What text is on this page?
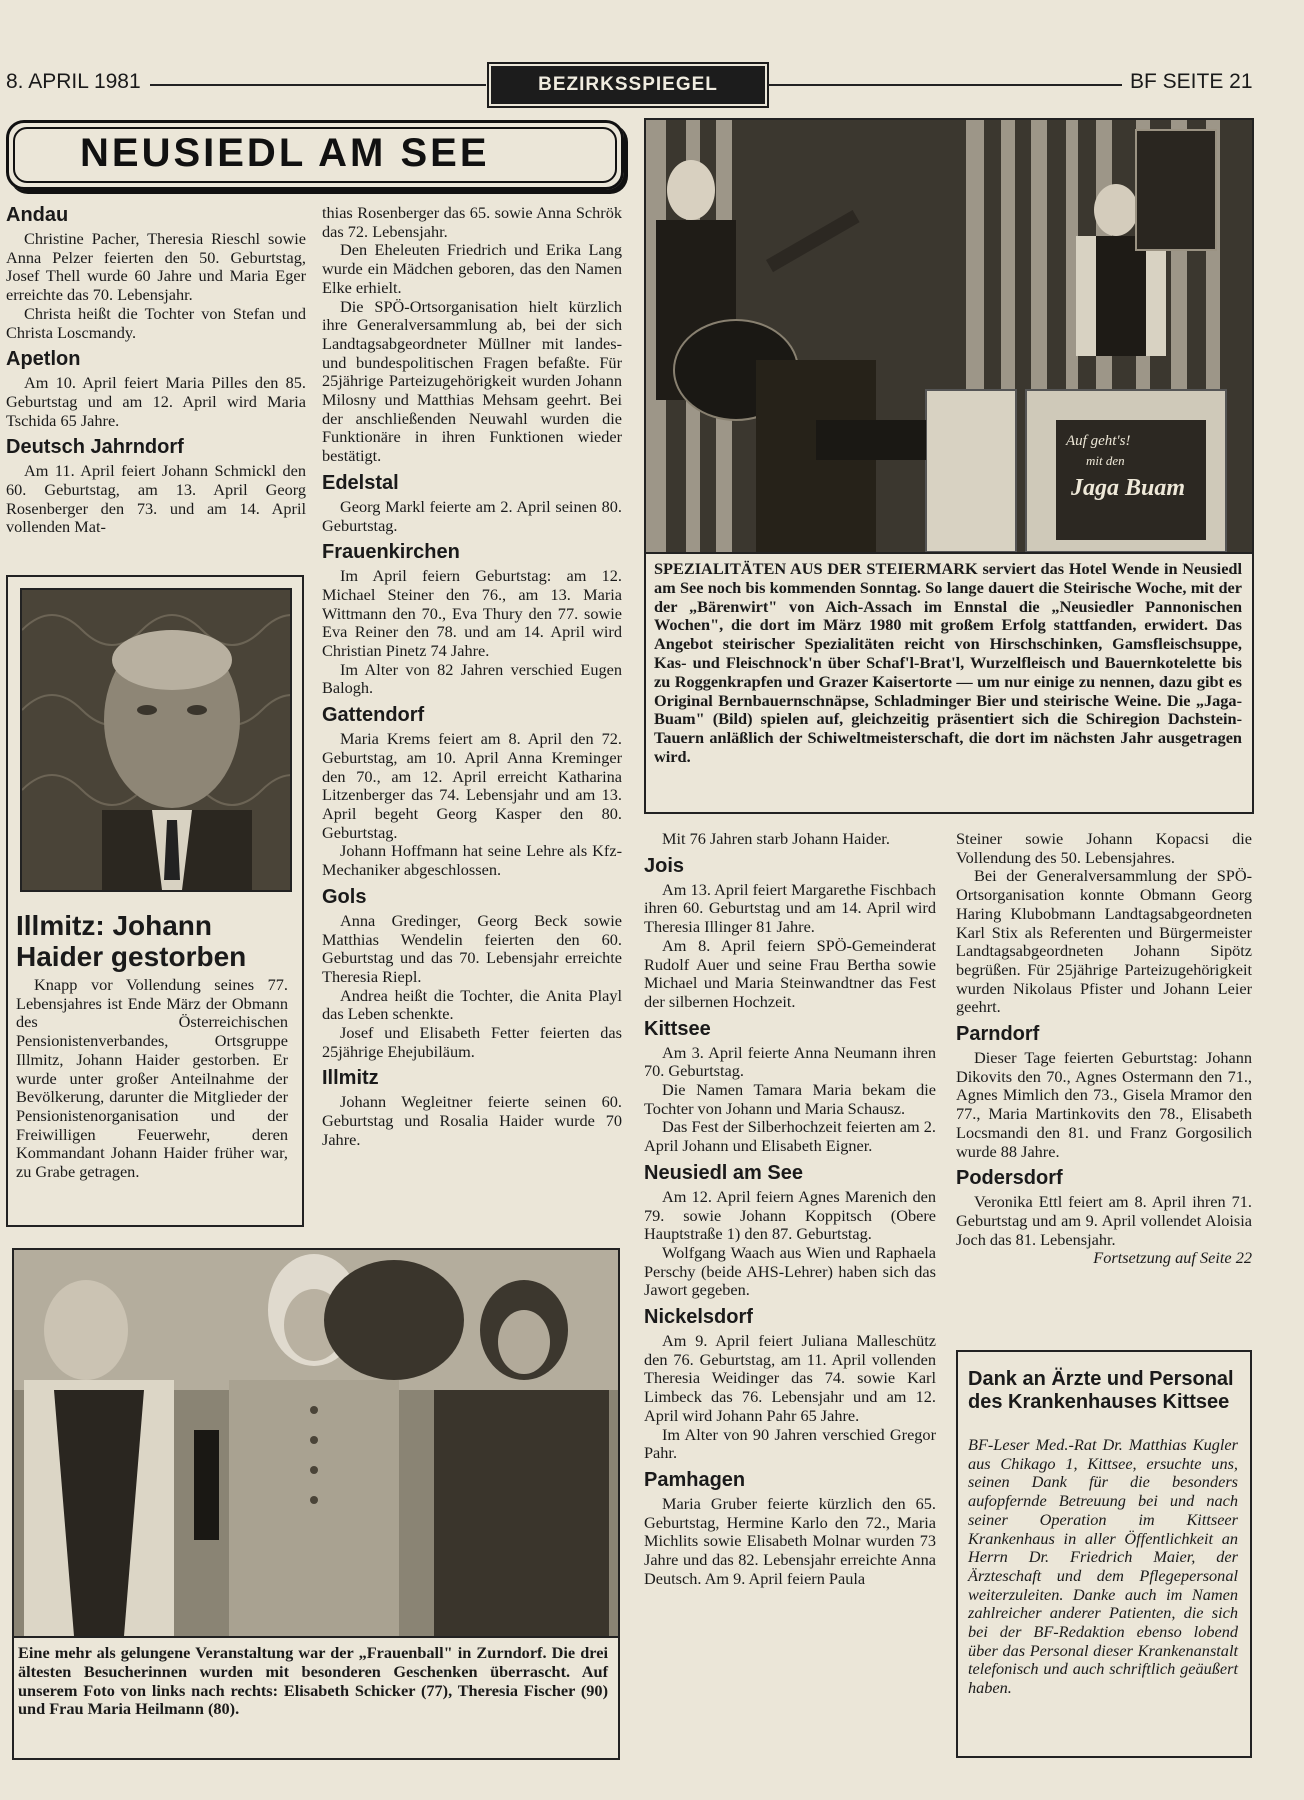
8. APRIL 1981	BEZIRKSSPIEGEL	BF SEITE 21
NEUSIEDL AM SEE
Andau

Christine Pacher, Theresia Rieschl sowie Anna Pelzer feierten den 50. Geburtstag, Josef Thell wurde 60 Jahre und Maria Eger erreichte das 70. Lebensjahr.

Christa heißt die Tochter von Stefan und Christa Loscmandy.

Apetlon

Am 10. April feiert Maria Pilles den 85. Geburtstag und am 12. April wird Maria Tschida 65 Jahre.

Deutsch Jahrndorf

Am 11. April feiert Johann Schmickl den 60. Geburtstag, am 13. April Georg Rosenberger den 73. und am 14. April vollenden Mat-

Illmitz: Johann Haider gestorben

Knapp vor Vollendung seines 77. Lebensjahres ist Ende März der Obmann des Österreichischen Pensionistenverbandes, Ortsgruppe Illmitz, Johann Haider gestorben. Er wurde unter großer Anteilnahme der Bevölkerung, darunter die Mitglieder der Pensionistenorganisation und der Freiwilligen Feuerwehr, deren Kommandant Johann Haider früher war, zu Grabe getragen.

thias Rosenberger das 65. sowie Anna Schrök das 72. Lebensjahr.

Den Eheleuten Friedrich und Erika Lang wurde ein Mädchen geboren, das den Namen Elke erhielt.

Die SPÖ-Ortsorganisation hielt kürzlich ihre Generalversammlung ab, bei der sich Landtagsabgeordneter Müllner mit landes- und bundespolitischen Fragen befaßte. Für 25jährige Parteizugehörigkeit wurden Johann Milosny und Matthias Mehsam geehrt. Bei der anschließenden Neuwahl wurden die Funktionäre in ihren Funktionen wieder bestätigt.

Edelstal

Georg Markl feierte am 2. April seinen 80. Geburtstag.

Frauenkirchen

Im April feiern Geburtstag: am 12. Michael Steiner den 76., am 13. Maria Wittmann den 70., Eva Thury den 77. sowie Eva Reiner den 78. und am 14. April wird Christian Pinetz 74 Jahre.

Im Alter von 82 Jahren verschied Eugen Balogh.

Gattendorf

Maria Krems feiert am 8. April den 72. Geburtstag, am 10. April Anna Kreminger den 70., am 12. April erreicht Katharina Litzenberger das 74. Lebensjahr und am 13. April begeht Georg Kasper den 80. Geburtstag.

Johann Hoffmann hat seine Lehre als Kfz-Mechaniker abgeschlossen.

Gols

Anna Gredinger, Georg Beck sowie Matthias Wendelin feierten den 60. Geburtstag und das 70. Lebensjahr erreichte Theresia Riepl.

Andrea heißt die Tochter, die Anita Playl das Leben schenkte.

Josef und Elisabeth Fetter feierten das 25jährige Ehejubiläum.

Illmitz

Johann Wegleitner feierte seinen 60. Geburtstag und Rosalia Haider wurde 70 Jahre.

Auf geht's!
mit den
Jaga Buam
SPEZIALITÄTEN AUS DER STEIERMARK serviert das Hotel Wende in Neusiedl am See noch bis kommenden Sonntag. So lange dauert die Steirische Woche, mit der der „Bärenwirt" von Aich-Assach im Ennstal die „Neusiedler Pannonischen Wochen", die dort im März 1980 mit großem Erfolg stattfanden, erwidert. Das Angebot steirischer Spezialitäten reicht von Hirschschinken, Gamsfleischsuppe, Kas- und Fleischnock'n über Schaf'l-Brat'l, Wurzelfleisch und Bauernkotelette bis zu Roggenkrapfen und Grazer Kaisertorte — um nur einige zu nennen, dazu gibt es Original Bernbauernschnäpse, Schladminger Bier und steirische Weine. Die „Jaga-Buam" (Bild) spielen auf, gleichzeitig präsentiert sich die Schiregion Dachstein-Tauern anläßlich der Schiweltmeisterschaft, die dort im nächsten Jahr ausgetragen wird.

Mit 76 Jahren starb Johann Haider.

Jois

Am 13. April feiert Margarethe Fischbach ihren 60. Geburtstag und am 14. April wird Theresia Illinger 81 Jahre.

Am 8. April feiern SPÖ-Gemeinderat Rudolf Auer und seine Frau Bertha sowie Michael und Maria Steinwandtner das Fest der silbernen Hochzeit.

Kittsee

Am 3. April feierte Anna Neumann ihren 70. Geburtstag.

Die Namen Tamara Maria bekam die Tochter von Johann und Maria Schausz.

Das Fest der Silberhochzeit feierten am 2. April Johann und Elisabeth Eigner.

Neusiedl am See

Am 12. April feiern Agnes Marenich den 79. sowie Johann Koppitsch (Obere Hauptstraße 1) den 87. Geburtstag.

Wolfgang Waach aus Wien und Raphaela Perschy (beide AHS-Lehrer) haben sich das Jawort gegeben.

Nickelsdorf

Am 9. April feiert Juliana Malleschütz den 76. Geburtstag, am 11. April vollenden Theresia Weidinger das 74. sowie Karl Limbeck das 76. Lebensjahr und am 12. April wird Johann Pahr 65 Jahre.

Im Alter von 90 Jahren verschied Gregor Pahr.

Pamhagen

Maria Gruber feierte kürzlich den 65. Geburtstag, Hermine Karlo den 72., Maria Michlits sowie Elisabeth Molnar wurden 73 Jahre und das 82. Lebensjahr erreichte Anna Deutsch. Am 9. April feiern Paula

Steiner sowie Johann Kopacsi die Vollendung des 50. Lebensjahres.

Bei der Generalversammlung der SPÖ-Ortsorganisation konnte Obmann Georg Haring Klubobmann Landtagsabgeordneten Karl Stix als Referenten und Bürgermeister Landtagsabgeordneten Johann Sipötz begrüßen. Für 25jährige Parteizugehörigkeit wurden Nikolaus Pfister und Johann Leier geehrt.

Parndorf

Dieser Tage feierten Geburtstag: Johann Dikovits den 70., Agnes Ostermann den 71., Agnes Mimlich den 73., Gisela Mramor den 77., Maria Martinkovits den 78., Elisabeth Locsmandi den 81. und Franz Gorgosilich wurde 88 Jahre.

Podersdorf

Veronika Ettl feiert am 8. April ihren 71. Geburtstag und am 9. April vollendet Aloisia Joch das 81. Lebensjahr.

Fortsetzung auf Seite 22

Dank an Ärzte und Personal des Krankenhauses Kittsee
BF-Leser Med.-Rat Dr. Matthias Kugler aus Chikago 1, Kittsee, ersuchte uns, seinen Dank für die besonders aufopfernde Betreuung bei und nach seiner Operation im Kittseer Krankenhaus in aller Öffentlichkeit an Herrn Dr. Friedrich Maier, der Ärzteschaft und dem Pflegepersonal weiterzuleiten. Danke auch im Namen zahlreicher anderer Patienten, die sich bei der BF-Redaktion ebenso lobend über das Personal dieser Krankenanstalt telefonisch und auch schriftlich geäußert haben.
Eine mehr als gelungene Veranstaltung war der „Frauenball" in Zurndorf. Die drei ältesten Besucherinnen wurden mit besonderen Geschenken überrascht. Auf unserem Foto von links nach rechts: Elisabeth Schicker (77), Theresia Fischer (90) und Frau Maria Heilmann (80).
